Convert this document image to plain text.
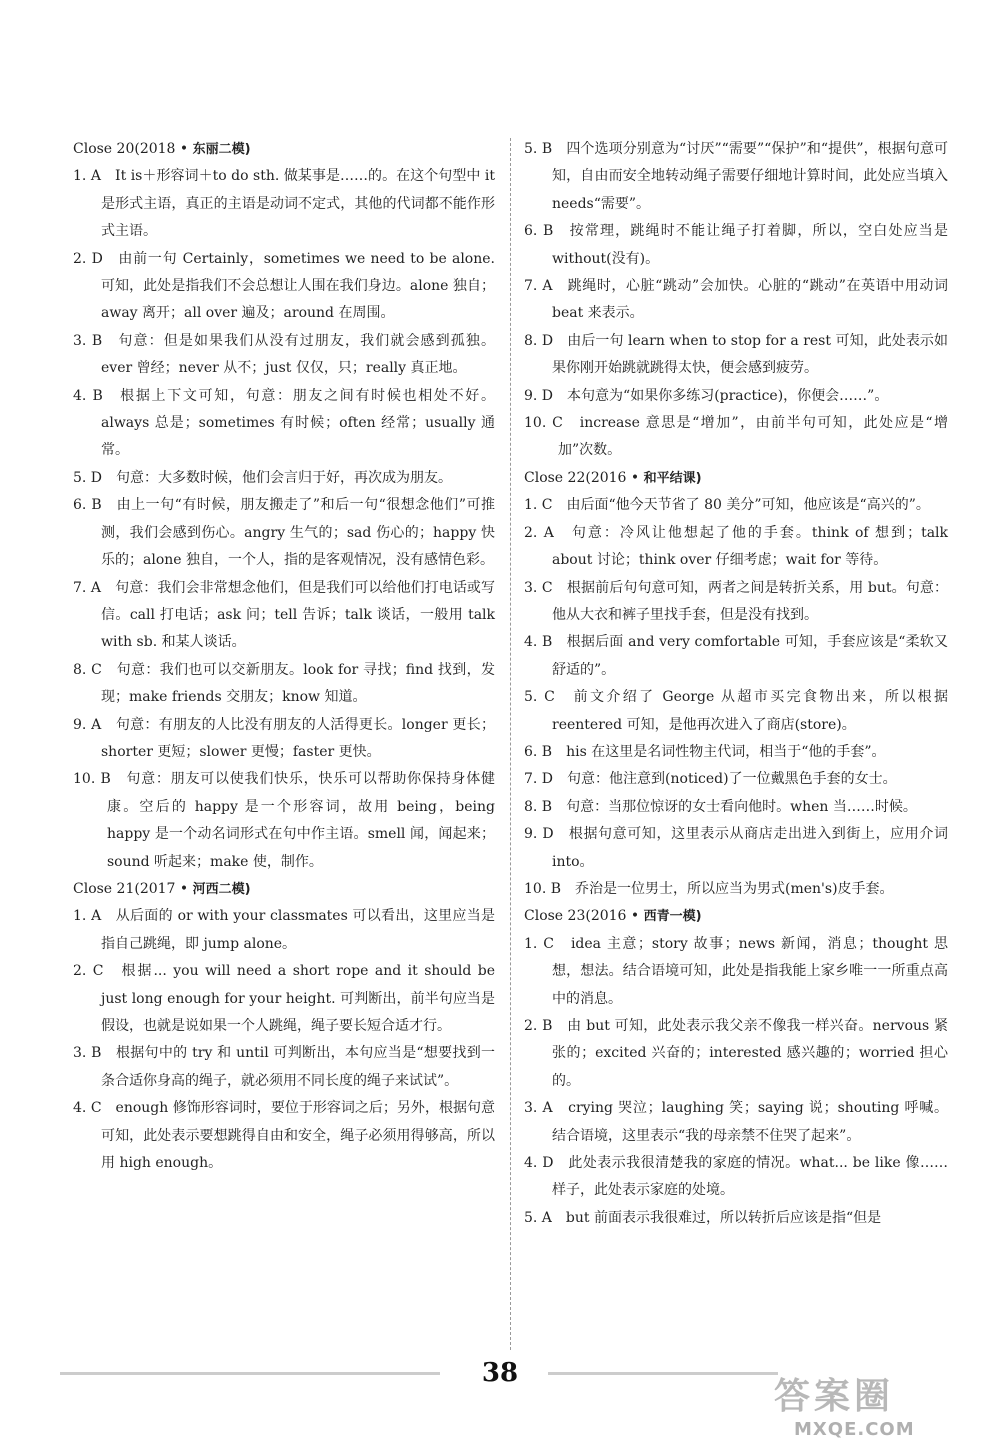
Close 20(2018 • 东丽二模)
1. A　It is＋形容词＋to do sth. 做某事是……的。在这个句型中 it 是形式主语，真正的主语是动词不定式，其他的代词都不能作形式主语。
2. D　由前一句 Certainly，sometimes we need to be alone. 可知，此处是指我们不会总想让人围在我们身边。alone 独自；away 离开；all over 遍及；around 在周围。
3. B　句意：但是如果我们从没有过朋友，我们就会感到孤独。ever 曾经；never 从不；just 仅仅，只；really 真正地。
4. B　根据上下文可知，句意：朋友之间有时候也相处不好。always 总是；sometimes 有时候；often 经常；usually 通常。
5. D　句意：大多数时候，他们会言归于好，再次成为朋友。
6. B　由上一句“有时候，朋友搬走了”和后一句“很想念他们”可推测，我们会感到伤心。angry 生气的；sad 伤心的；happy 快乐的；alone 独自，一个人，指的是客观情况，没有感情色彩。
7. A　句意：我们会非常想念他们，但是我们可以给他们打电话或写信。call 打电话；ask 问；tell 告诉；talk 谈话，一般用 talk with sb. 和某人谈话。
8. C　句意：我们也可以交新朋友。look for 寻找；find 找到，发现；make friends 交朋友；know 知道。
9. A　句意：有朋友的人比没有朋友的人活得更长。longer 更长；shorter 更短；slower 更慢；faster 更快。
10. B　句意：朋友可以使我们快乐，快乐可以帮助你保持身体健康。空后的 happy 是一个形容词，故用 being，being happy 是一个动名词形式在句中作主语。smell 闻，闻起来；sound 听起来；make 使，制作。
Close 21(2017 • 河西二模)
1. A　从后面的 or with your classmates 可以看出，这里应当是指自己跳绳，即 jump alone。
2. C　根据... you will need a short rope and it should be just long enough for your height. 可判断出，前半句应当是假设，也就是说如果一个人跳绳，绳子要长短合适才行。
3. B　根据句中的 try 和 until 可判断出，本句应当是“想要找到一条合适你身高的绳子，就必须用不同长度的绳子来试试”。
4. C　enough 修饰形容词时，要位于形容词之后；另外，根据句意可知，此处表示要想跳得自由和安全，绳子必须用得够高，所以用 high enough。
5. B　四个选项分别意为“讨厌”“需要”“保护”和“提供”，根据句意可知，自由而安全地转动绳子需要仔细地计算时间，此处应当填入 needs“需要”。
6. B　按常理，跳绳时不能让绳子打着脚，所以，空白处应当是 without(没有)。
7. A　跳绳时，心脏“跳动”会加快。心脏的“跳动”在英语中用动词 beat 来表示。
8. D　由后一句 learn when to stop for a rest 可知，此处表示如果你刚开始跳就跳得太快，便会感到疲劳。
9. D　本句意为“如果你多练习(practice)，你便会……”。
10. C　increase 意思是“增加”，由前半句可知，此处应是“增加”次数。
Close 22(2016 • 和平结课)
1. C　由后面“他今天节省了 80 美分”可知，他应该是“高兴的”。
2. A　句意：冷风让他想起了他的手套。think of 想到；talk about 讨论；think over 仔细考虑；wait for 等待。
3. C　根据前后句句意可知，两者之间是转折关系，用 but。句意：他从大衣和裤子里找手套，但是没有找到。
4. B　根据后面 and very comfortable 可知，手套应该是“柔软又舒适的”。
5. C　前文介绍了 George 从超市买完食物出来，所以根据 reentered 可知，是他再次进入了商店(store)。
6. B　his 在这里是名词性物主代词，相当于“他的手套”。
7. D　句意：他注意到(noticed)了一位戴黑色手套的女士。
8. B　句意：当那位惊讶的女士看向他时。when 当……时候。
9. D　根据句意可知，这里表示从商店走出进入到街上，应用介词 into。
10. B　乔治是一位男士，所以应当为男式(men's)皮手套。
Close 23(2016 • 西青一模)
1. C　idea 主意；story 故事；news 新闻，消息；thought 思想，想法。结合语境可知，此处是指我能上家乡唯一一所重点高中的消息。
2. B　由 but 可知，此处表示我父亲不像我一样兴奋。nervous 紧张的；excited 兴奋的；interested 感兴趣的；worried 担心的。
3. A　crying 哭泣；laughing 笑；saying 说；shouting 呼喊。结合语境，这里表示“我的母亲禁不住哭了起来”。
4. D　此处表示我很清楚我的家庭的情况。what... be like 像……样子，此处表示家庭的处境。
5. A　but 前面表示我很难过，所以转折后应该是指“但是
38
答案圈
MXQE.COM
